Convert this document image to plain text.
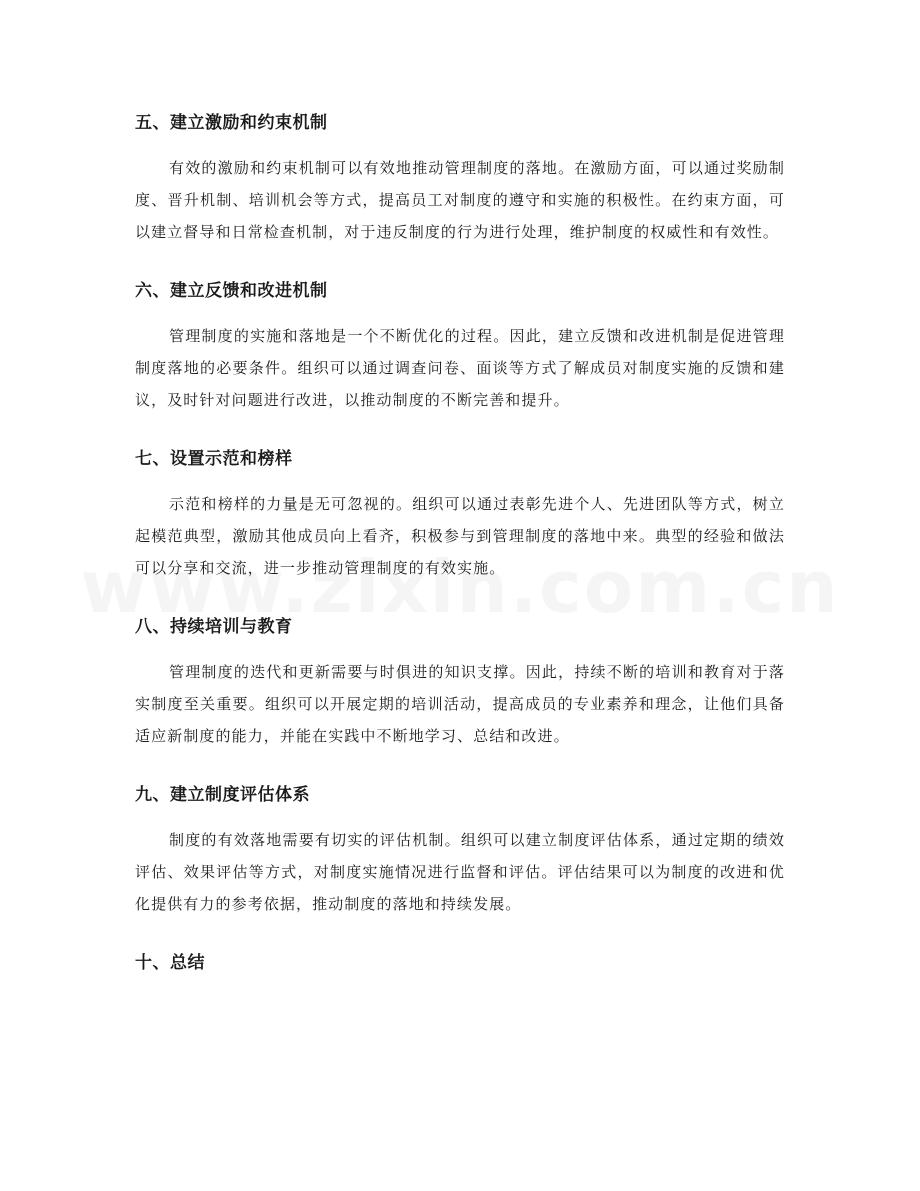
五、建立激励和约束机制
有效的激励和约束机制可以有效地推动管理制度的落地。在激励方面，可以通过奖励制度、晋升机制、培训机会等方式，提高员工对制度的遵守和实施的积极性。在约束方面，可以建立督导和日常检查机制，对于违反制度的行为进行处理，维护制度的权威性和有效性。
六、建立反馈和改进机制
管理制度的实施和落地是一个不断优化的过程。因此，建立反馈和改进机制是促进管理制度落地的必要条件。组织可以通过调查问卷、面谈等方式了解成员对制度实施的反馈和建议，及时针对问题进行改进，以推动制度的不断完善和提升。
七、设置示范和榜样
示范和榜样的力量是无可忽视的。组织可以通过表彰先进个人、先进团队等方式，树立起模范典型，激励其他成员向上看齐，积极参与到管理制度的落地中来。典型的经验和做法可以分享和交流，进一步推动管理制度的有效实施。
八、持续培训与教育
管理制度的迭代和更新需要与时俱进的知识支撑。因此，持续不断的培训和教育对于落实制度至关重要。组织可以开展定期的培训活动，提高成员的专业素养和理念，让他们具备适应新制度的能力，并能在实践中不断地学习、总结和改进。
九、建立制度评估体系
制度的有效落地需要有切实的评估机制。组织可以建立制度评估体系，通过定期的绩效评估、效果评估等方式，对制度实施情况进行监督和评估。评估结果可以为制度的改进和优化提供有力的参考依据，推动制度的落地和持续发展。
十、总结
